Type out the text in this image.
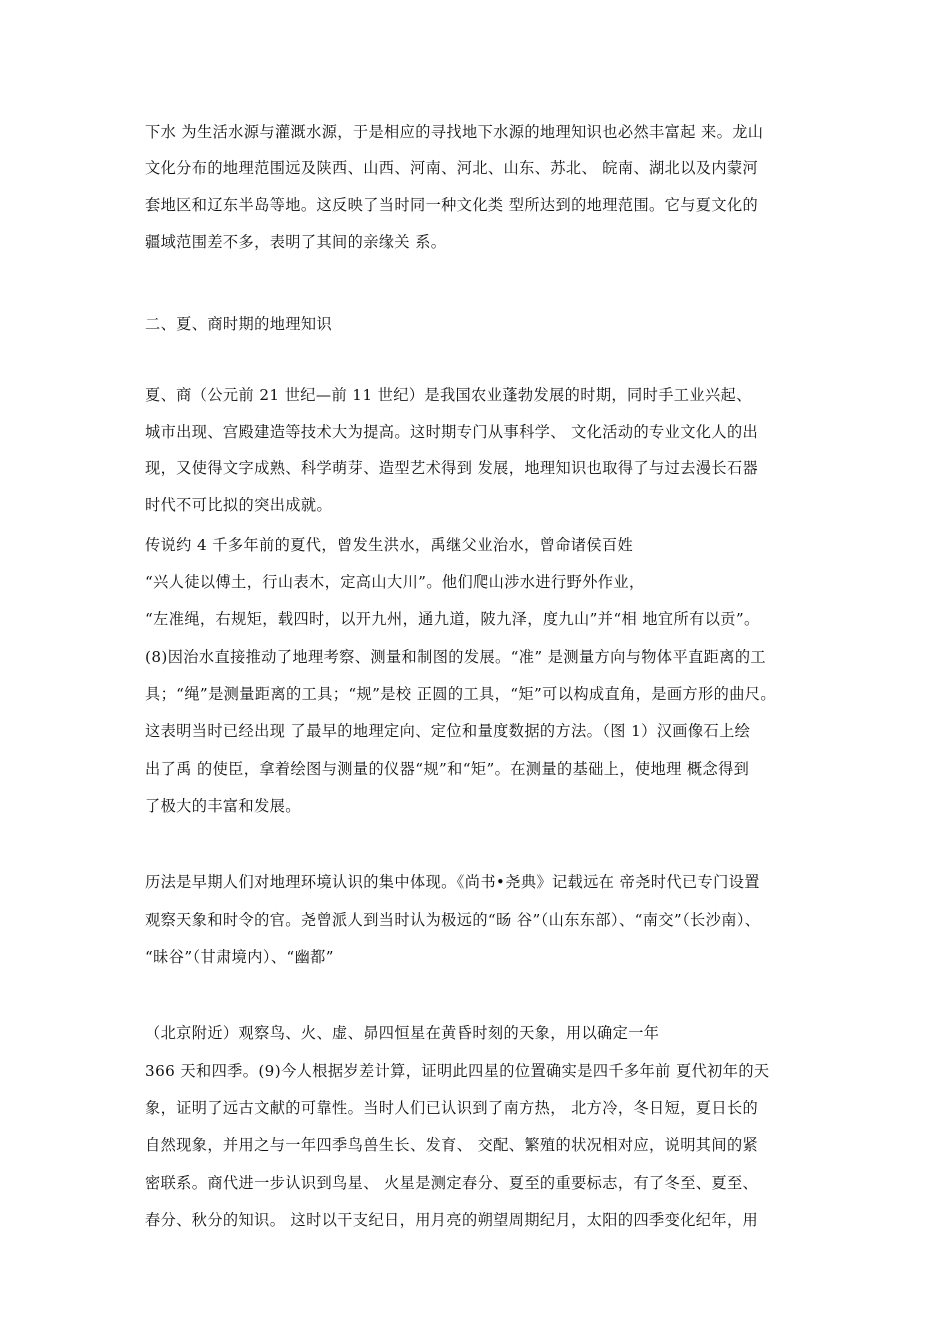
下水 为生活水源与灌溉水源，于是相应的寻找地下水源的地理知识也必然丰富起 来。龙山
文化分布的地理范围远及陕西、山西、河南、河北、山东、苏北、 皖南、湖北以及内蒙河
套地区和辽东半岛等地。这反映了当时同一种文化类 型所达到的地理范围。它与夏文化的
疆域范围差不多，表明了其间的亲缘关 系。
二、夏、商时期的地理知识
夏、商（公元前 21 世纪—前 11 世纪）是我国农业蓬勃发展的时期，同时手工业兴起、
城市出现、宫殿建造等技术大为提高。这时期专门从事科学、 文化活动的专业文化人的出
现，又使得文字成熟、科学萌芽、造型艺术得到 发展，地理知识也取得了与过去漫长石器
时代不可比拟的突出成就。
传说约 4 千多年前的夏代，曾发生洪水，禹继父业治水，曾命诸侯百姓
“兴人徒以傅土，行山表木，定高山大川”。他们爬山涉水进行野外作业，
“左准绳，右规矩，载四时，以开九州，通九道，陂九泽，度九山”并“相 地宜所有以贡”。
(8)因治水直接推动了地理考察、测量和制图的发展。“准” 是测量方向与物体平直距离的工
具；“绳”是测量距离的工具；“规”是校 正圆的工具，“矩”可以构成直角，是画方形的曲尺。
这表明当时已经出现 了最早的地理定向、定位和量度数据的方法。（图 1）汉画像石上绘
出了禹 的使臣，拿着绘图与测量的仪器“规”和“矩”。在测量的基础上，使地理 概念得到
了极大的丰富和发展。
历法是早期人们对地理环境认识的集中体现。《尚书•尧典》记载远在 帝尧时代已专门设置
观察天象和时令的官。尧曾派人到当时认为极远的“旸 谷”（山东东部）、“南交”（长沙南）、
“昧谷”（甘肃境内）、“幽都”
（北京附近）观察鸟、火、虚、昴四恒星在黄昏时刻的天象，用以确定一年
366 天和四季。(9)今人根据岁差计算，证明此四星的位置确实是四千多年前 夏代初年的天
象，证明了远古文献的可靠性。当时人们已认识到了南方热， 北方冷，冬日短，夏日长的
自然现象，并用之与一年四季鸟兽生长、发育、 交配、繁殖的状况相对应，说明其间的紧
密联系。商代进一步认识到鸟星、 火星是测定春分、夏至的重要标志，有了冬至、夏至、
春分、秋分的知识。 这时以干支纪日，用月亮的朔望周期纪月，太阳的四季变化纪年，用
